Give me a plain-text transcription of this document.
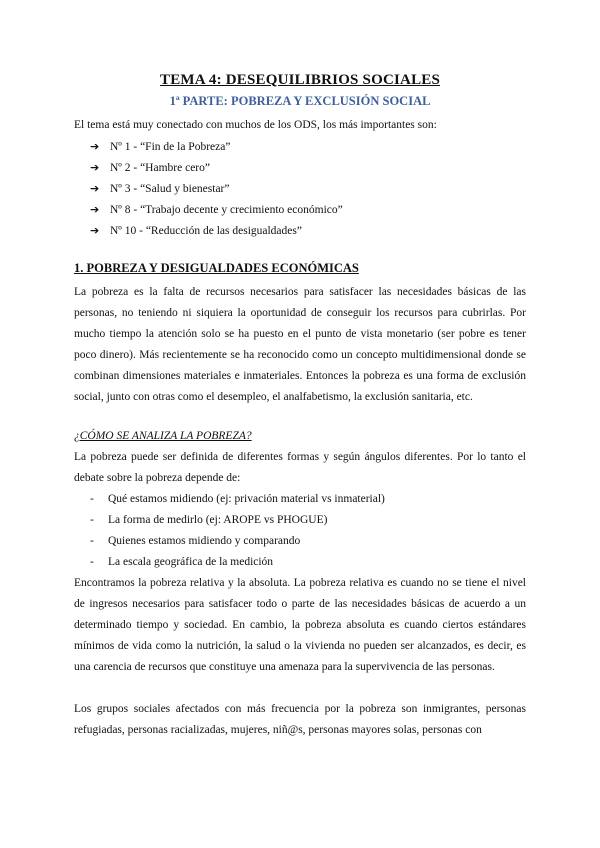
TEMA 4: DESEQUILIBRIOS SOCIALES
1ª PARTE: POBREZA Y EXCLUSIÓN SOCIAL
El tema está muy conectado con muchos de los ODS, los más importantes son:
➔ Nº 1 - “Fin de la Pobreza”
➔ Nº 2 - “Hambre cero”
➔ Nº 3 - “Salud y bienestar”
➔ Nº 8 - “Trabajo decente y crecimiento económico”
➔ Nº 10 - “Reducción de las desigualdades”
1. POBREZA Y DESIGUALDADES ECONÓMICAS
La pobreza es la falta de recursos necesarios para satisfacer las necesidades básicas de las personas, no teniendo ni siquiera la oportunidad de conseguir los recursos para cubrirlas. Por mucho tiempo la atención solo se ha puesto en el punto de vista monetario (ser pobre es tener poco dinero). Más recientemente se ha reconocido como un concepto multidimensional donde se combinan dimensiones materiales e inmateriales. Entonces la pobreza es una forma de exclusión social, junto con otras como el desempleo, el analfabetismo, la exclusión sanitaria, etc.
¿CÓMO SE ANALIZA LA POBREZA?
La pobreza puede ser definida de diferentes formas y según ángulos diferentes. Por lo tanto el debate sobre la pobreza depende de:
- Qué estamos midiendo (ej: privación material vs inmaterial)
- La forma de medirlo (ej: AROPE vs PHOGUE)
- Quienes estamos midiendo y comparando
- La escala geográfica de la medición
Encontramos la pobreza relativa y la absoluta. La pobreza relativa es cuando no se tiene el nivel de ingresos necesarios para satisfacer todo o parte de las necesidades básicas de acuerdo a un determinado tiempo y sociedad. En cambio, la pobreza absoluta es cuando ciertos estándares mínimos de vida como la nutrición, la salud o la vivienda no pueden ser alcanzados, es decir, es una carencia de recursos que constituye una amenaza para la supervivencia de las personas.
Los grupos sociales afectados con más frecuencia por la pobreza son inmigrantes, personas refugiadas, personas racializadas, mujeres, niñ@s, personas mayores solas, personas con
